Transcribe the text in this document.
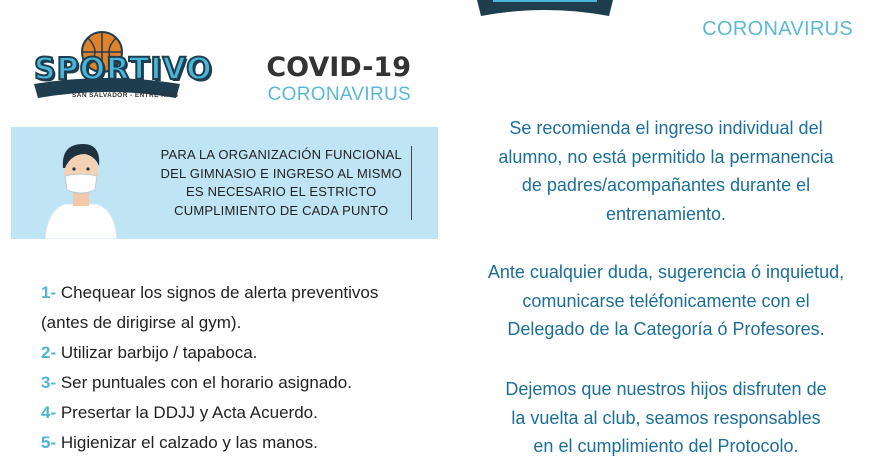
SPORTIVO
SAN SALVADOR - ENTRE RIOS
COVID-19
CORONAVIRUS
PARA LA ORGANIZACIÓN FUNCIONAL
DEL GIMNASIO E INGRESO AL MISMO
ES NECESARIO EL ESTRICTO
CUMPLIMIENTO DE CADA PUNTO
1- Chequear los signos de alerta preventivos
(antes de dirigirse al gym).
2- Utilizar barbijo / tapaboca.
3- Ser puntuales con el horario asignado.
4- Presertar la DDJJ y Acta Acuerdo.
5- Higienizar el calzado y las manos.
CORONAVIRUS
Se recomienda el ingreso individual del
alumno, no está permitido la permanencia
de padres/acompañantes durante el
entrenamiento.
Ante cualquier duda, sugerencia ó inquietud,
comunicarse teléfonicamente con el
Delegado de la Categoría ó Profesores.
Dejemos que nuestros hijos disfruten de
la vuelta al club, seamos responsables
en el cumplimiento del Protocolo.
